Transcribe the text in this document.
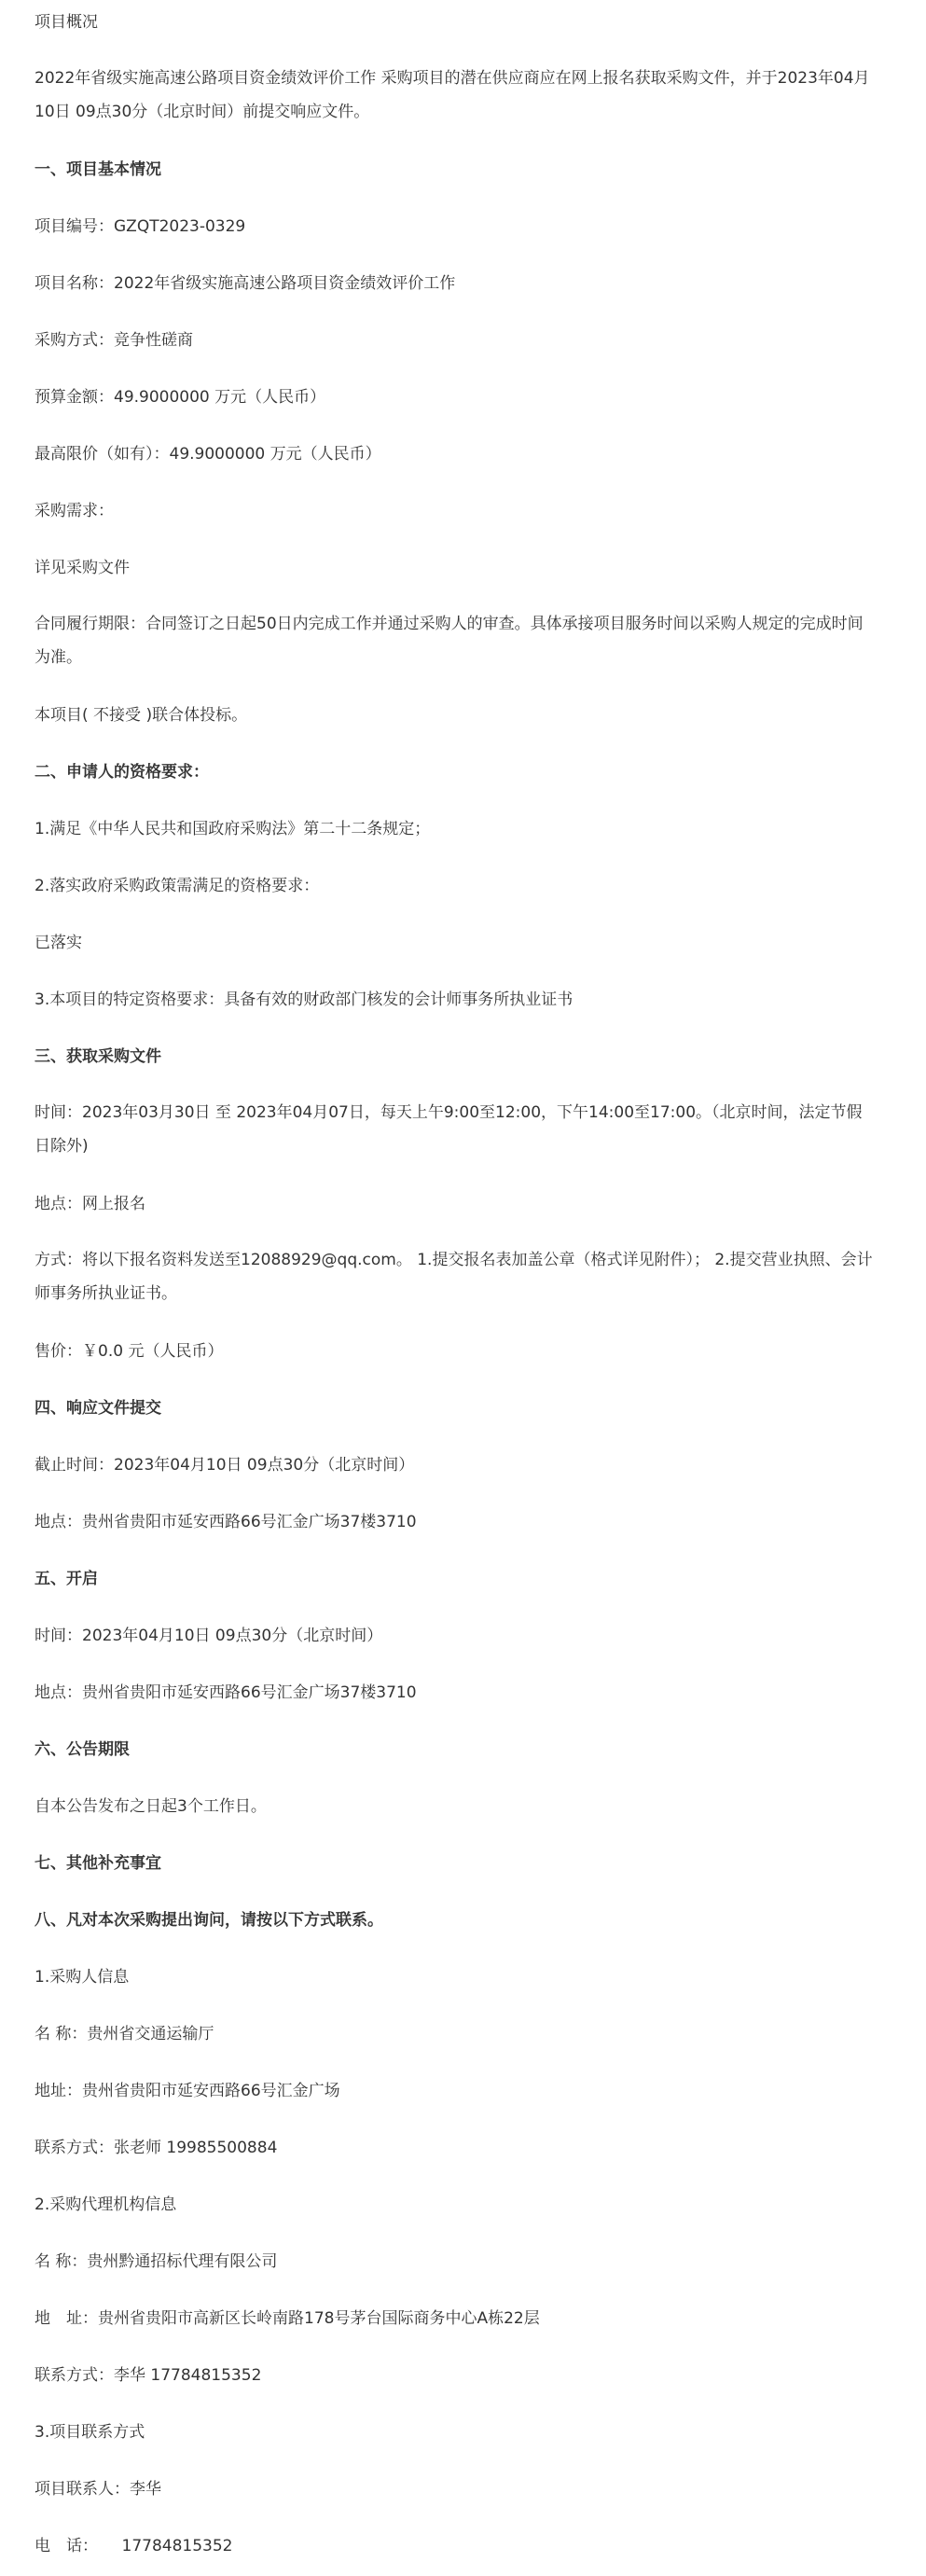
项目概况
2022年省级实施高速公路项目资金绩效评价工作 采购项目的潜在供应商应在网上报名获取采购文件，并于2023年04月10日 09点30分（北京时间）前提交响应文件。
一、项目基本情况
项目编号：GZQT2023-0329
项目名称：2022年省级实施高速公路项目资金绩效评价工作
采购方式：竞争性磋商
预算金额：49.9000000 万元（人民币）
最高限价（如有）：49.9000000 万元（人民币）
采购需求：
详见采购文件
合同履行期限：合同签订之日起50日内完成工作并通过采购人的审查。具体承接项目服务时间以采购人规定的完成时间为准。
本项目( 不接受 )联合体投标。
二、申请人的资格要求：
1.满足《中华人民共和国政府采购法》第二十二条规定；
2.落实政府采购政策需满足的资格要求：
已落实
3.本项目的特定资格要求：具备有效的财政部门核发的会计师事务所执业证书
三、获取采购文件
时间：2023年03月30日 至 2023年04月07日，每天上午9:00至12:00，下午14:00至17:00。（北京时间，法定节假日除外)
地点：网上报名
方式：将以下报名资料发送至12088929@qq.com。 1.提交报名表加盖公章（格式详见附件）； 2.提交营业执照、会计师事务所执业证书。
售价：￥0.0 元（人民币）
四、响应文件提交
截止时间：2023年04月10日 09点30分（北京时间）
地点：贵州省贵阳市延安西路66号汇金广场37楼3710
五、开启
时间：2023年04月10日 09点30分（北京时间）
地点：贵州省贵阳市延安西路66号汇金广场37楼3710
六、公告期限
自本公告发布之日起3个工作日。
七、其他补充事宜
八、凡对本次采购提出询问，请按以下方式联系。
1.采购人信息
名 称：贵州省交通运输厅
地址：贵州省贵阳市延安西路66号汇金广场
联系方式：张老师 19985500884
2.采购代理机构信息
名 称：贵州黔通招标代理有限公司
地　址：贵州省贵阳市高新区长岭南路178号茅台国际商务中心A栋22层
联系方式：李华 17784815352
3.项目联系方式
项目联系人：李华
电　话：　　17784815352
